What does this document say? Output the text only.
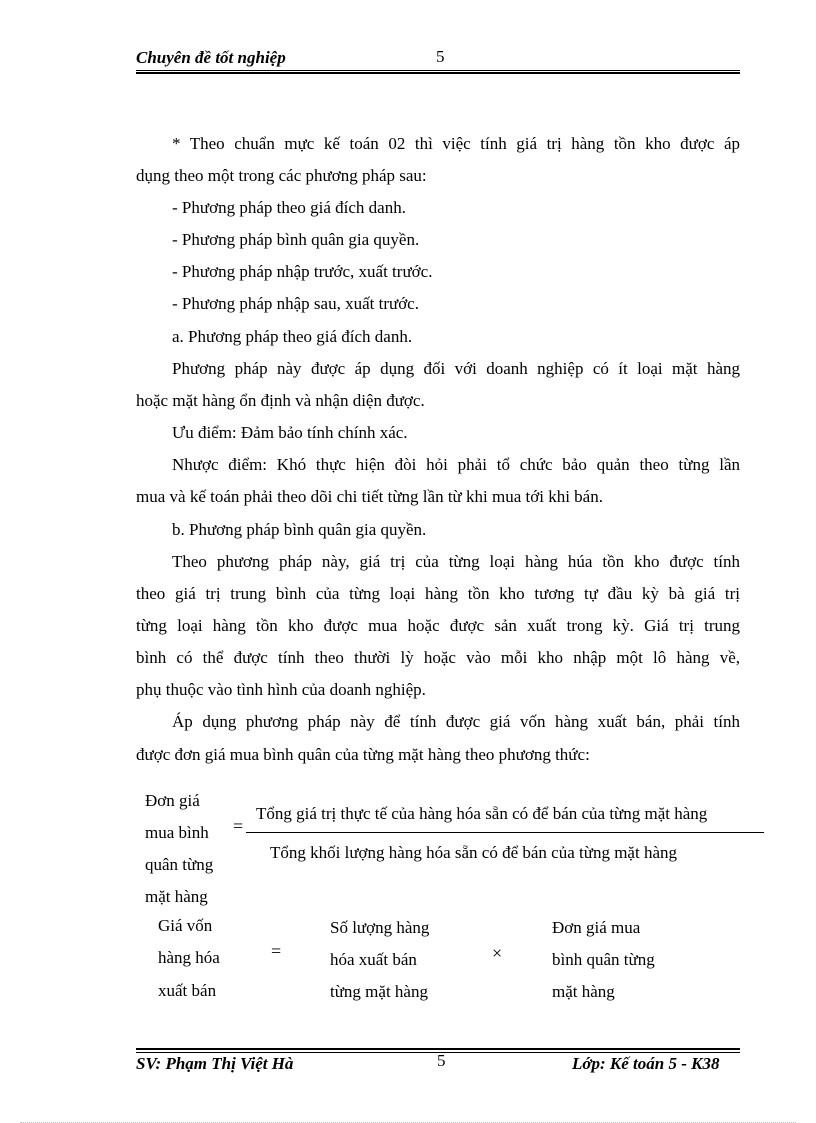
Chuyên đề tốt nghiệp	5
* Theo chuẩn mực kế toán 02 thì việc tính giá trị hàng tồn kho được áp
dụng theo một trong các phương pháp sau:
- Phương pháp theo giá đích danh.
- Phương pháp bình quân gia quyền.
- Phương pháp nhập trước, xuất trước.
- Phương pháp nhập sau, xuất trước.
a. Phương pháp theo giá đích danh.
Phương pháp này được áp dụng đối với doanh nghiệp có ít loại mặt hàng
hoặc mặt hàng ổn định và nhận diện được.
Ưu điểm: Đảm bảo tính chính xác.
Nhược điểm: Khó thực hiện đòi hỏi phải tổ chức bảo quản theo từng lần
mua và kế toán phải theo dõi chi tiết từng lần từ khi mua tới khi bán.
b. Phương pháp bình quân gia quyền.
Theo phương pháp này, giá trị của từng loại hàng húa tồn kho được tính
theo giá trị trung bình của từng loại hàng tồn kho tương tự đầu kỳ bà giá trị
từng loại hàng tồn kho được mua hoặc được sản xuất trong kỳ. Giá trị trung
bình có thể được tính theo thười lỳ hoặc vào mỗi kho nhập một lô hàng về,
phụ thuộc vào tình hình của doanh nghiệp.
Áp dụng phương pháp này để tính được giá vốn hàng xuất bán, phải tính
được đơn giá mua bình quân của từng mặt hàng theo phương thức:
Đơn giá
mua bình
quân từng
mặt hàng
=
Tổng giá trị thực tế của hàng hóa sẵn có để bán của từng mặt hàng
Tổng khối lượng hàng hóa sẵn có để bán của từng mặt hàng
Giá vốn
hàng hóa
xuất bán
=
Số lượng hàng
hóa xuất bán
từng mặt hàng
×
Đơn giá mua
bình quân từng
mặt hàng
SV: Phạm Thị Việt Hà	5	Lớp: Kế toán 5 - K38
